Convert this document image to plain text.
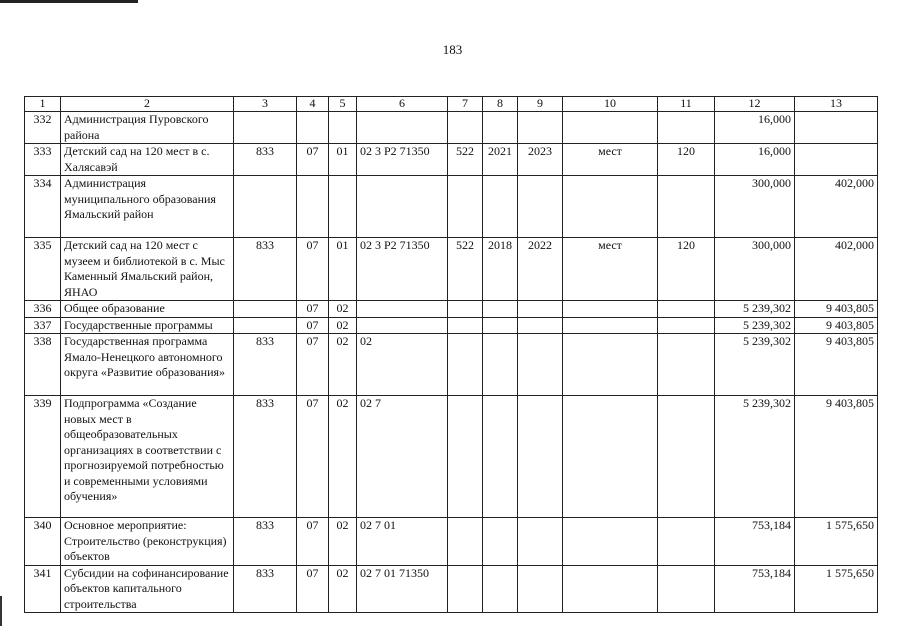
183
1	2	3	4	5	6	7	8	9	10	11	12	13
332	Администрация Пуровского района										16,000	
333	Детский сад на 120 мест в с. Халясавэй	833	07	01	02 3 P2 71350	522	2021	2023	мест	120	16,000	
334	Администрация муниципального образования Ямальский район										300,000	402,000
335	Детский сад на 120 мест с музеем и библиотекой в с. Мыс Каменный Ямальский район, ЯНАО	833	07	01	02 3 P2 71350	522	2018	2022	мест	120	300,000	402,000
336	Общее образование		07	02							5 239,302	9 403,805
337	Государственные программы		07	02							5 239,302	9 403,805
338	Государственная программа Ямало-Ненецкого автономного округа «Развитие образования»	833	07	02	02						5 239,302	9 403,805
339	Подпрограмма «Создание новых мест в общеобразовательных организациях в соответствии с прогнозируемой потребностью и современными условиями обучения»	833	07	02	02 7						5 239,302	9 403,805
340	Основное мероприятие: Строительство (реконструкция) объектов	833	07	02	02 7 01						753,184	1 575,650
341	Субсидии на софинансирование объектов капитального строительства	833	07	02	02 7 01 71350						753,184	1 575,650
